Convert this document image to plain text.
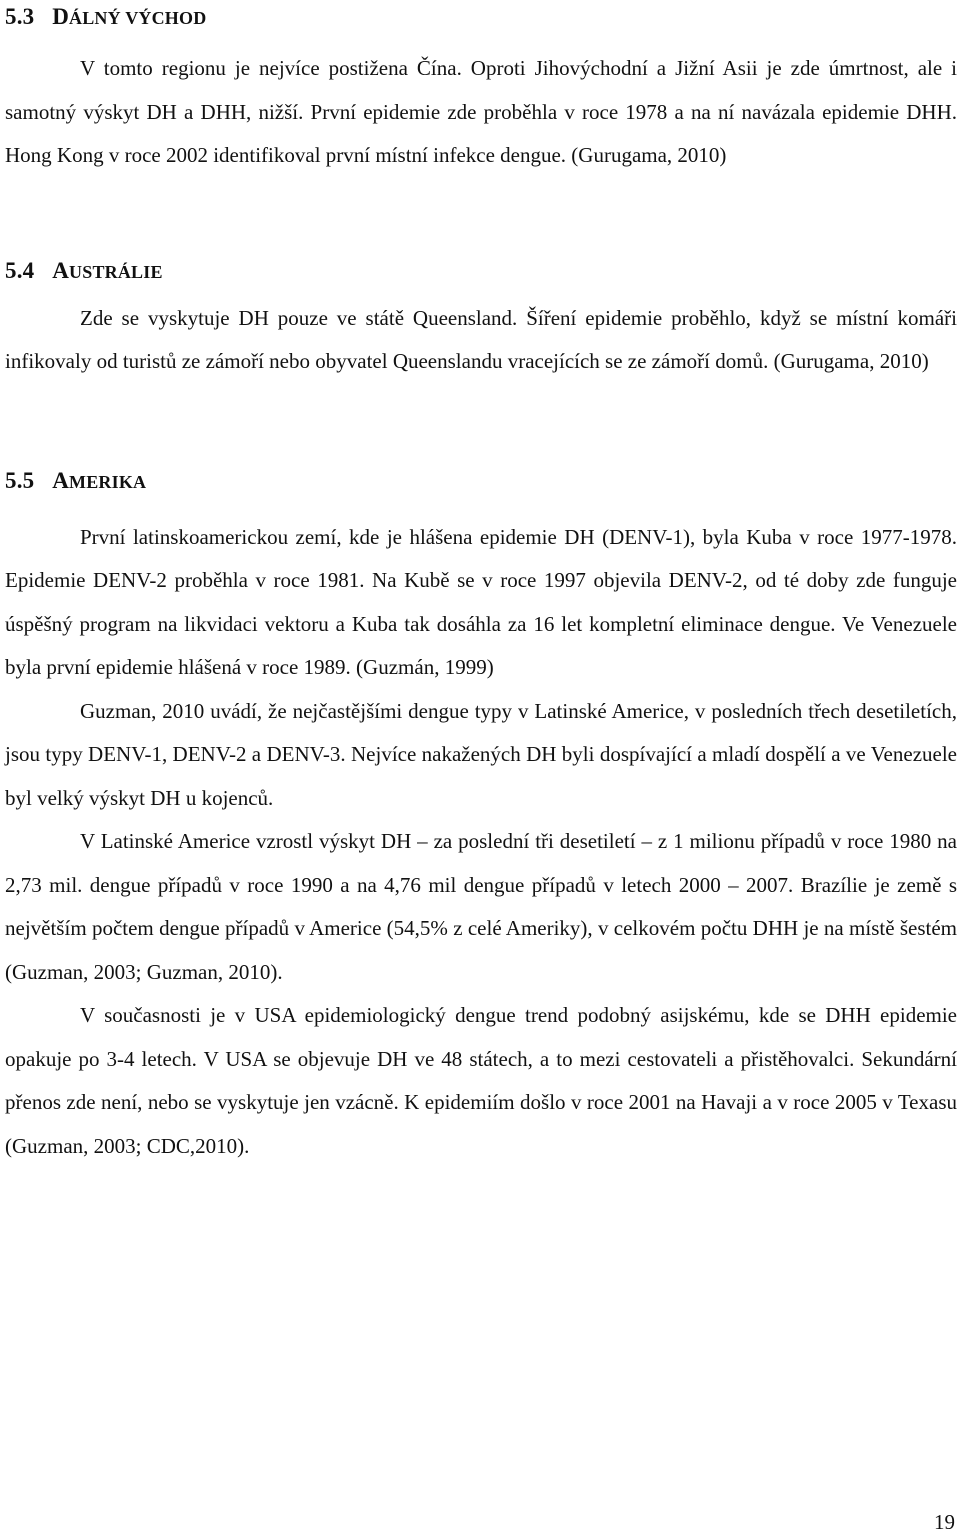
5.3 DÁLNÝ VÝCHOD

V tomto regionu je nejvíce postižena Čína. Oproti Jihovýchodní a Jižní Asii je zde úmrtnost, ale i samotný výskyt DH a DHH, nižší. První epidemie zde proběhla v roce 1978 a na ní navázala epidemie DHH. Hong Kong v roce 2002 identifikoval první místní infekce dengue. (Gurugama, 2010)

5.4 AUSTRÁLIE

Zde se vyskytuje DH pouze ve státě Queensland. Šíření epidemie proběhlo, když se místní komáři infikovaly od turistů ze zámoří nebo obyvatel Queenslandu vracejících se ze zámoří domů. (Gurugama, 2010)

5.5 AMERIKA

První latinskoamerickou zemí, kde je hlášena epidemie DH (DENV-1), byla Kuba v roce 1977-1978. Epidemie DENV-2 proběhla v roce 1981. Na Kubě se v roce 1997 objevila DENV-2, od té doby zde funguje úspěšný program na likvidaci vektoru a Kuba tak dosáhla za 16 let kompletní eliminace dengue. Ve Venezuele byla první epidemie hlášená v roce 1989. (Guzmán, 1999)

Guzman, 2010 uvádí, že nejčastějšími dengue typy v Latinské Americe, v posledních třech desetiletích, jsou typy DENV-1, DENV-2 a DENV-3. Nejvíce nakažených DH byli dospívající a mladí dospělí a ve Venezuele byl velký výskyt DH u kojenců.

V Latinské Americe vzrostl výskyt DH – za poslední tři desetiletí – z 1 milionu případů v roce 1980 na 2,73 mil. dengue případů v roce 1990 a na 4,76 mil dengue případů v letech 2000 – 2007. Brazílie je země s největším počtem dengue případů v Americe (54,5% z celé Ameriky), v celkovém počtu DHH je na místě šestém (Guzman, 2003; Guzman, 2010).

V současnosti je v USA epidemiologický dengue trend podobný asijskému, kde se DHH epidemie opakuje po 3-4 letech. V USA se objevuje DH ve 48 státech, a to mezi cestovateli a přistěhovalci. Sekundární přenos zde není, nebo se vyskytuje jen vzácně. K epidemiím došlo v roce 2001 na Havaji a v roce 2005 v Texasu (Guzman, 2003; CDC,2010).

19
